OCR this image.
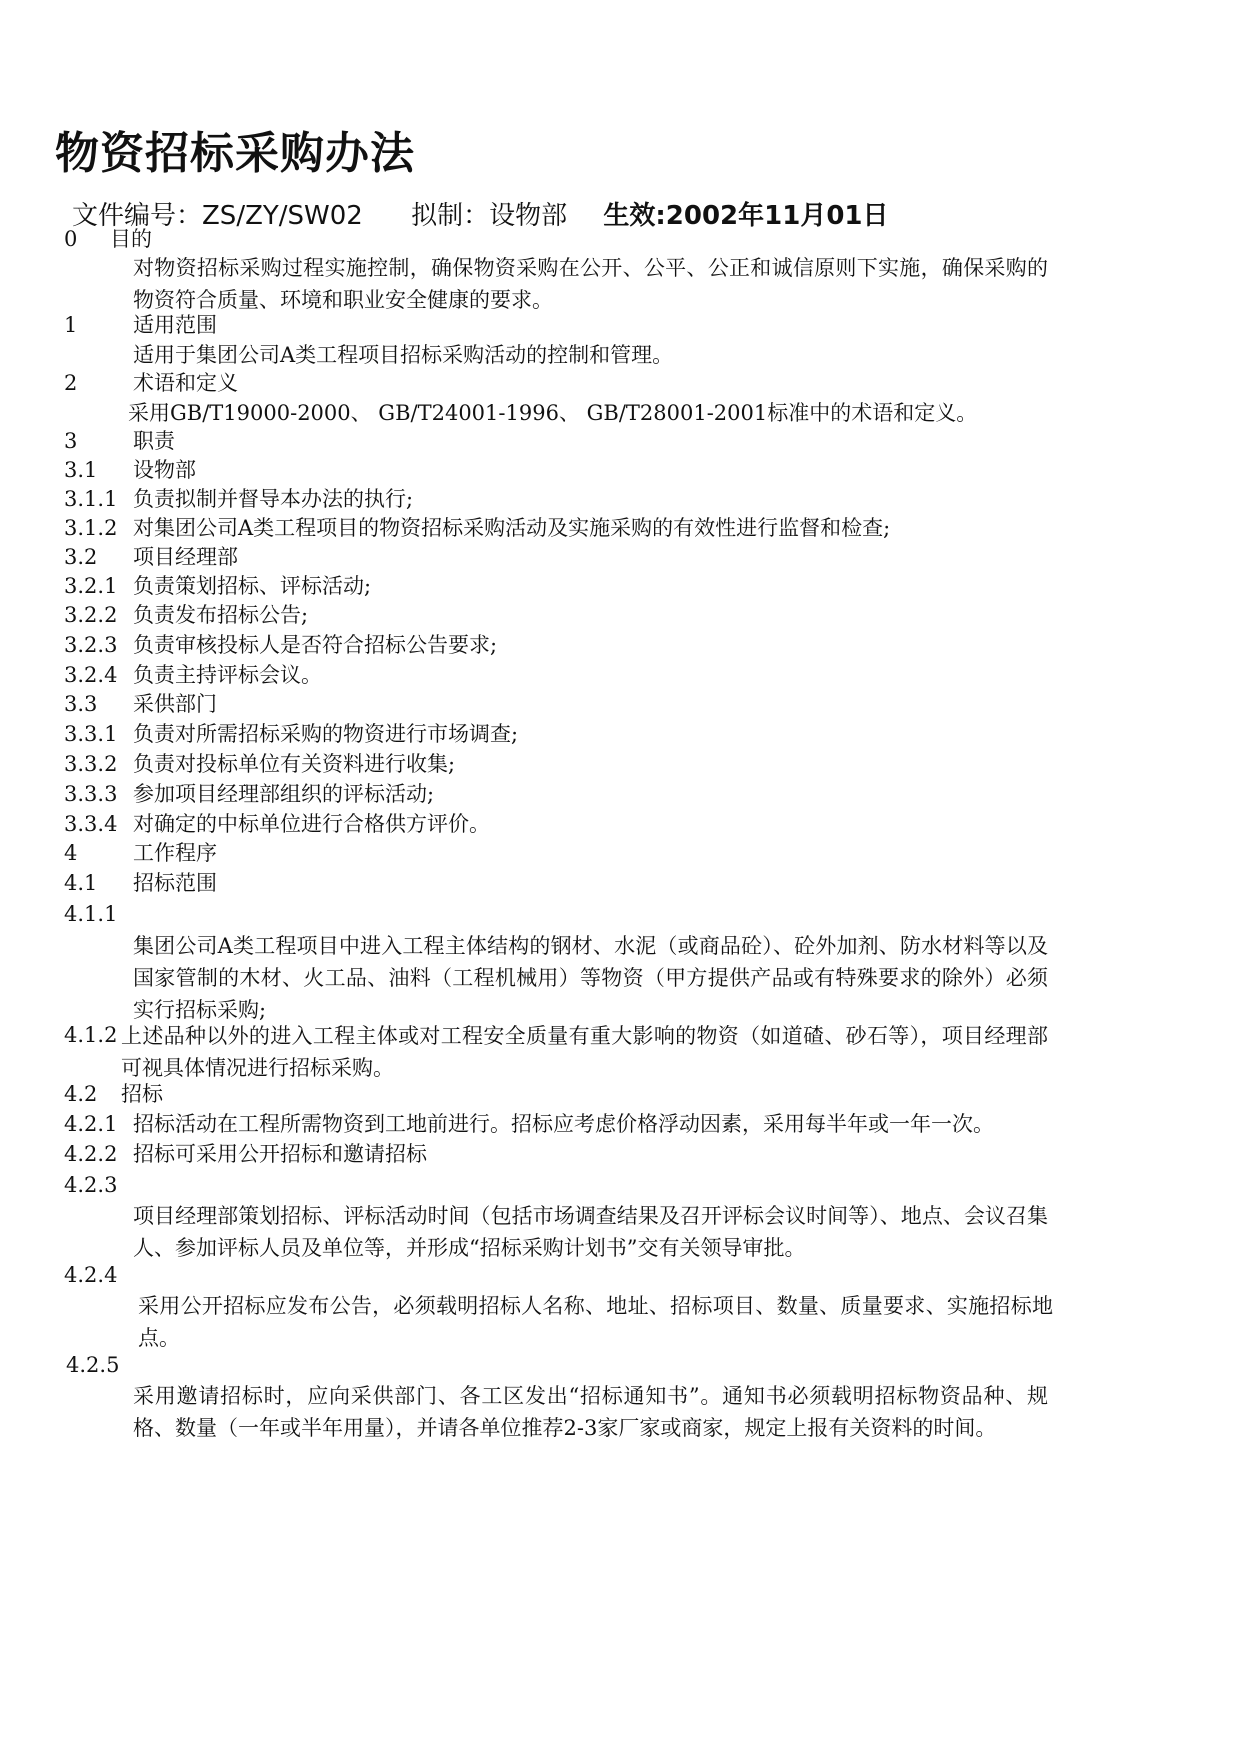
物资招标采购办法
文件编号：ZS/ZY/SW02 拟制：设物部 生效:2002年11月01日
0 目的
对物资招标采购过程实施控制，确保物资采购在公开、公平、公正和诚信原则下实施，确保采购的物资符合质量、环境和职业安全健康的要求。
1	适用范围
适用于集团公司A类工程项目招标采购活动的控制和管理。
2	术语和定义
采用GB/T19000-2000、 GB/T24001-1996、 GB/T28001-2001标准中的术语和定义。
3	职责
3.1 设物部
3.1.1 负责拟制并督导本办法的执行;
3.1.2 对集团公司A类工程项目的物资招标采购活动及实施采购的有效性进行监督和检查;
3.2 项目经理部
3.2.1 负责策划招标、评标活动;
3.2.2 负责发布招标公告;
3.2.3 负责审核投标人是否符合招标公告要求;
3.2.4 负责主持评标会议。
3.3 采供部门
3.3.1 负责对所需招标采购的物资进行市场调查;
3.3.2 负责对投标单位有关资料进行收集;
3.3.3 参加项目经理部组织的评标活动;
3.3.4 对确定的中标单位进行合格供方评价。
4	工作程序
4.1 招标范围
4.1.1
集团公司A类工程项目中进入工程主体结构的钢材、水泥（或商品砼）、砼外加剂、防水材料等以及国家管制的木材、火工品、油料（工程机械用）等物资（甲方提供产品或有特殊要求的除外）必须实行招标采购;
4.1.2 上述品种以外的进入工程主体或对工程安全质量有重大影响的物资（如道碴、砂石等），项目经理部可视具体情况进行招标采购。
4.2 招标
4.2.1 招标活动在工程所需物资到工地前进行。招标应考虑价格浮动因素，采用每半年或一年一次。
4.2.2 招标可采用公开招标和邀请招标
4.2.3
项目经理部策划招标、评标活动时间（包括市场调查结果及召开评标会议时间等）、地点、会议召集人、参加评标人员及单位等，并形成“招标采购计划书”交有关领导审批。
4.2.4
采用公开招标应发布公告，必须载明招标人名称、地址、招标项目、数量、质量要求、实施招标地点。
4.2.5
采用邀请招标时，应向采供部门、各工区发出“招标通知书”。通知书必须载明招标物资品种、规格、数量（一年或半年用量），并请各单位推荐2-3家厂家或商家，规定上报有关资料的时间。
